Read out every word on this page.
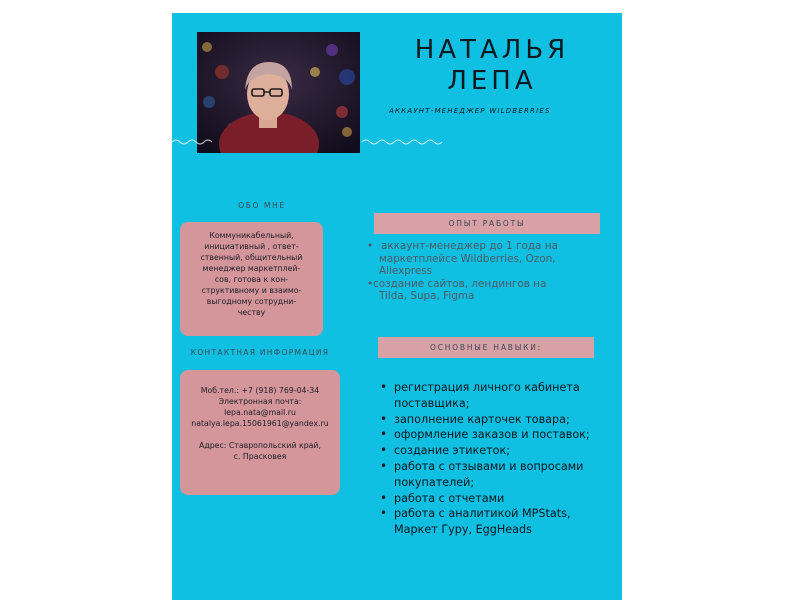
НАТАЛЬЯ
ЛЕПА
АККАУНТ-МЕНЕДЖЕР WILDBERRIES
ОБО МНЕ
Коммуникабельный,
инициативный , ответ-
ственный, общительный
менеджер маркетплей-
сов, готова к кон-
структивному и взаимо-
выгодному сотрудни-
честву
КОНТАКТНАЯ ИНФОРМАЦИЯ
Моб.тел.: +7 (918) 769-04-34
Электронная почта:
lepa.nata@mail.ru
natalya.lepa.15061961@yandex.ru
Адрес: Ставропольский край,
с. Прасковея
ОПЫТ РАБОТЫ
• аккаунт-менеджер до 1 года на
маркетплейсе Wildberries, Ozon,
Aliexpress
•создание сайтов, лендингов на
Tilda, Supa, Figma
ОСНОВНЫЕ НАВЫКИ:
• регистрация личного кабинета поставщика;
• заполнение карточек товара;
• оформление заказов и поставок;
• создание этикеток;
• работа с отзывами и вопросами покупателей;
• работа с отчетами
• работа с аналитикой MPStats, Маркет Гуру, EggHeads
